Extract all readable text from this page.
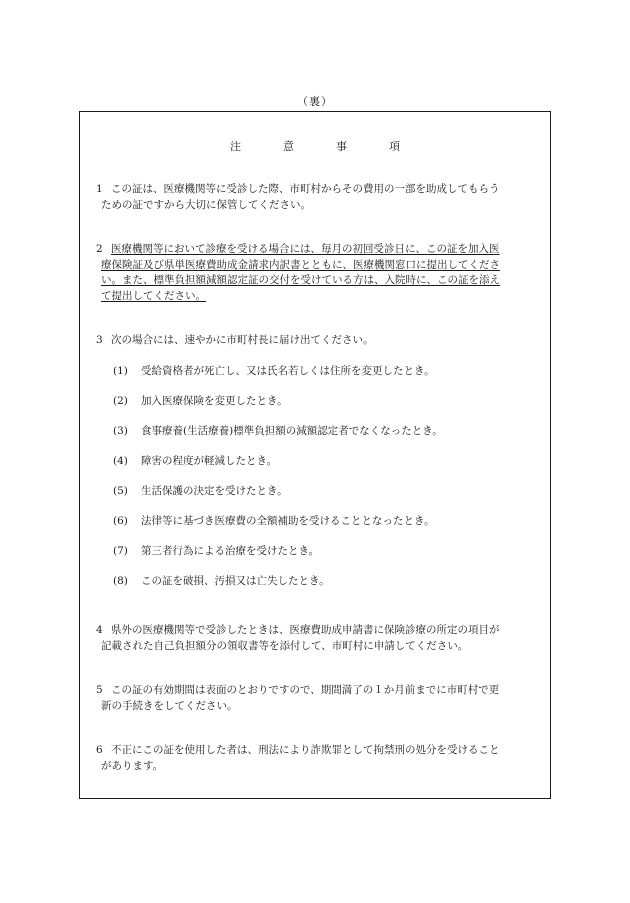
（裏）
注	意	事	項
1 この証は、医療機関等に受診した際、市町村からその費用の一部を助成してもらう
ための証ですから大切に保管してください。
2 医療機関等において診療を受ける場合には、毎月の初回受診日に、この証を加入医
療保険証及び県単医療費助成金請求内訳書とともに、医療機関窓口に提出してくださ
い。また、標準負担額減額認定証の交付を受けている方は、入院時に、この証を添え
て提出してください。
3 次の場合には、速やかに市町村長に届け出てください。
(1) 受給資格者が死亡し、又は氏名若しくは住所を変更したとき。
(2) 加入医療保険を変更したとき。
(3) 食事療養(生活療養)標準負担額の減額認定者でなくなったとき。
(4) 障害の程度が軽減したとき。
(5) 生活保護の決定を受けたとき。
(6) 法律等に基づき医療費の全額補助を受けることとなったとき。
(7) 第三者行為による治療を受けたとき。
(8) この証を破損、汚損又は亡失したとき。
4 県外の医療機関等で受診したときは、医療費助成申請書に保険診療の所定の項目が
記載された自己負担額分の領収書等を添付して、市町村に申請してください。
5 この証の有効期間は表面のとおりですので、期間満了の１か月前までに市町村で更
新の手続きをしてください。
6 不正にこの証を使用した者は、刑法により詐欺罪として拘禁刑の処分を受けること
があります。
